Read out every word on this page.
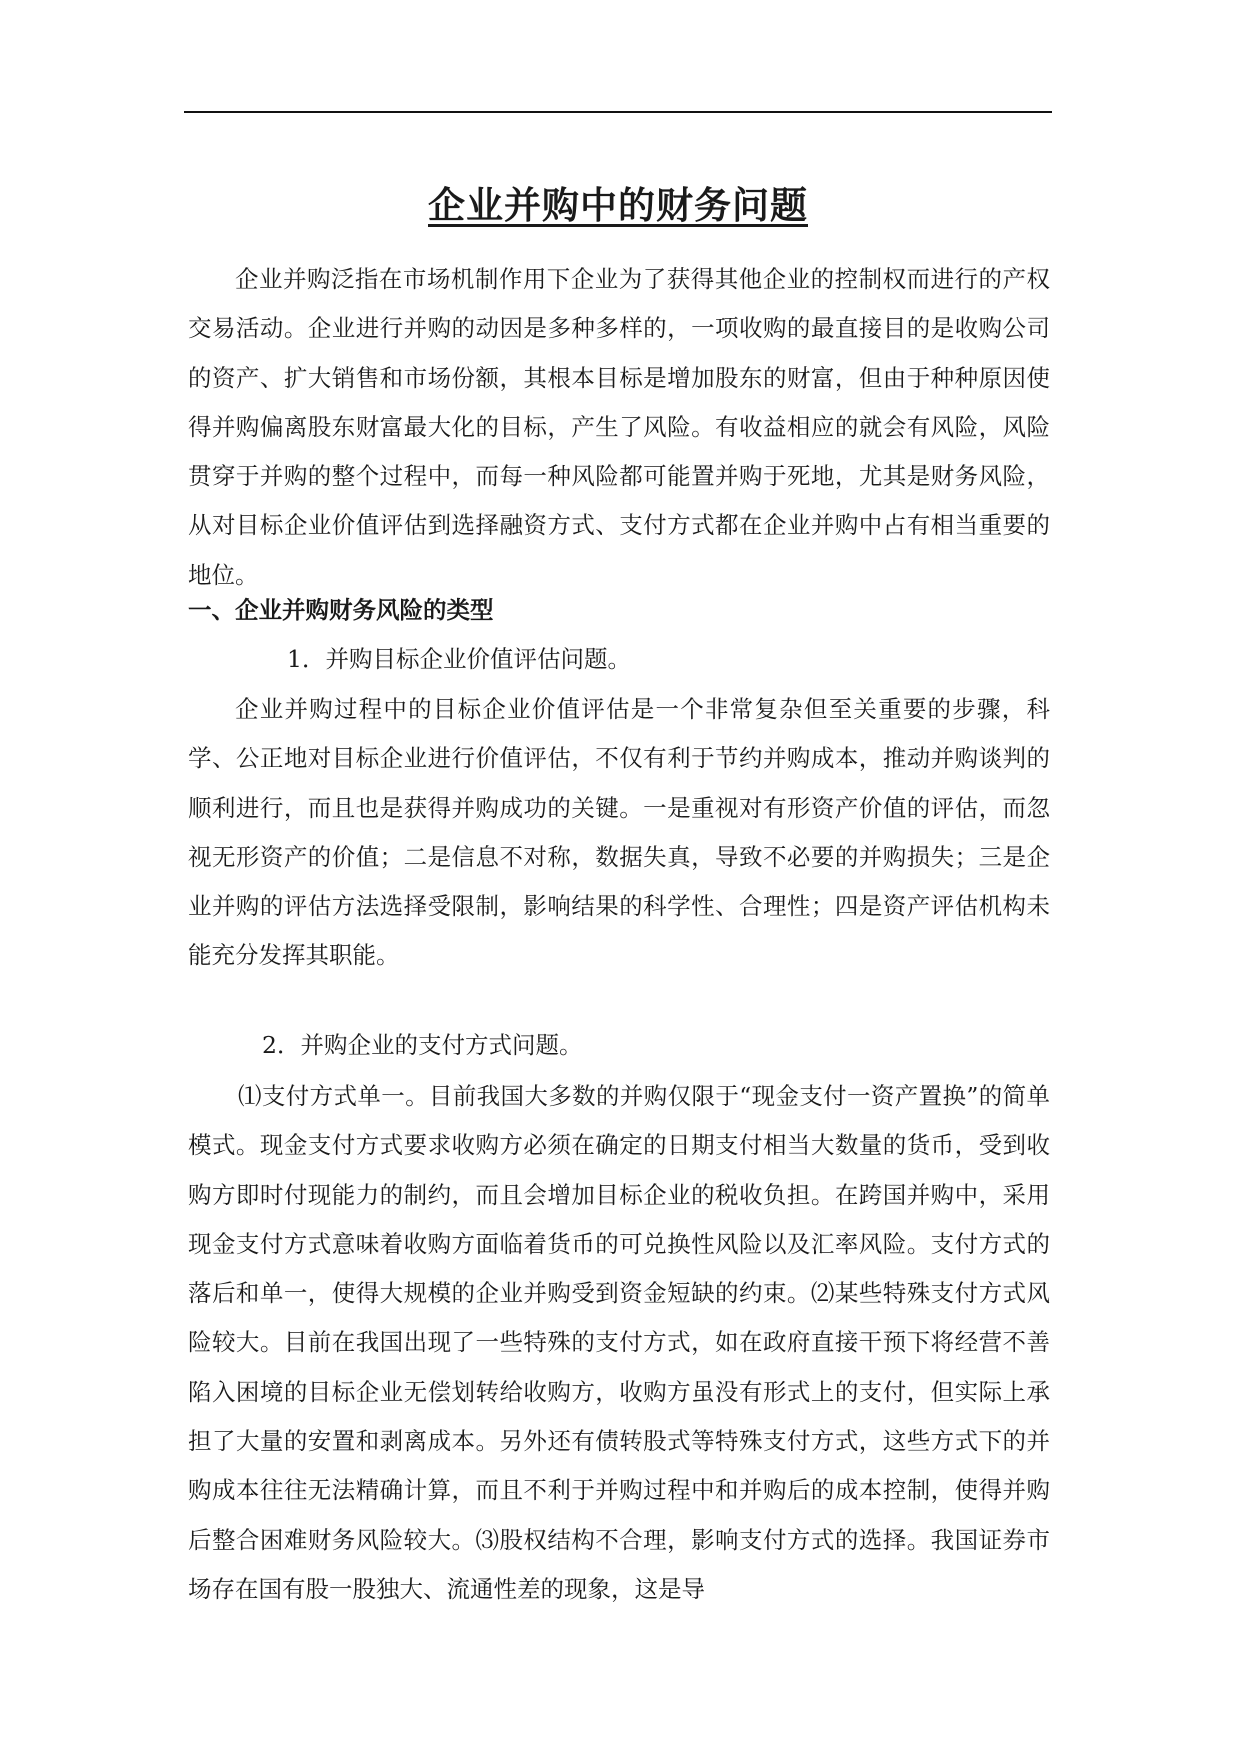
企业并购中的财务问题

企业并购泛指在市场机制作用下企业为了获得其他企业的控制权而进行的产权交易活动。企业进行并购的动因是多种多样的，一项收购的最直接目的是收购公司的资产、扩大销售和市场份额，其根本目标是增加股东的财富，但由于种种原因使得并购偏离股东财富最大化的目标，产生了风险。有收益相应的就会有风险，风险贯穿于并购的整个过程中，而每一种风险都可能置并购于死地，尤其是财务风险，从对目标企业价值评估到选择融资方式、支付方式都在企业并购中占有相当重要的地位。

一、企业并购财务风险的类型

1．并购目标企业价值评估问题。

企业并购过程中的目标企业价值评估是一个非常复杂但至关重要的步骤，科学、公正地对目标企业进行价值评估，不仅有利于节约并购成本，推动并购谈判的顺利进行，而且也是获得并购成功的关键。一是重视对有形资产价值的评估，而忽视无形资产的价值；二是信息不对称，数据失真，导致不必要的并购损失；三是企业并购的评估方法选择受限制，影响结果的科学性、合理性；四是资产评估机构未能充分发挥其职能。

2．并购企业的支付方式问题。

⑴支付方式单一。目前我国大多数的并购仅限于“现金支付一资产置换”的简单模式。现金支付方式要求收购方必须在确定的日期支付相当大数量的货币，受到收购方即时付现能力的制约，而且会增加目标企业的税收负担。在跨国并购中，采用现金支付方式意味着收购方面临着货币的可兑换性风险以及汇率风险。支付方式的落后和单一，使得大规模的企业并购受到资金短缺的约束。⑵某些特殊支付方式风险较大。目前在我国出现了一些特殊的支付方式，如在政府直接干预下将经营不善陷入困境的目标企业无偿划转给收购方，收购方虽没有形式上的支付，但实际上承担了大量的安置和剥离成本。另外还有债转股式等特殊支付方式，这些方式下的并购成本往往无法精确计算，而且不利于并购过程中和并购后的成本控制，使得并购后整合困难财务风险较大。⑶股权结构不合理，影响支付方式的选择。我国证券市场存在国有股一股独大、流通性差的现象，这是导
